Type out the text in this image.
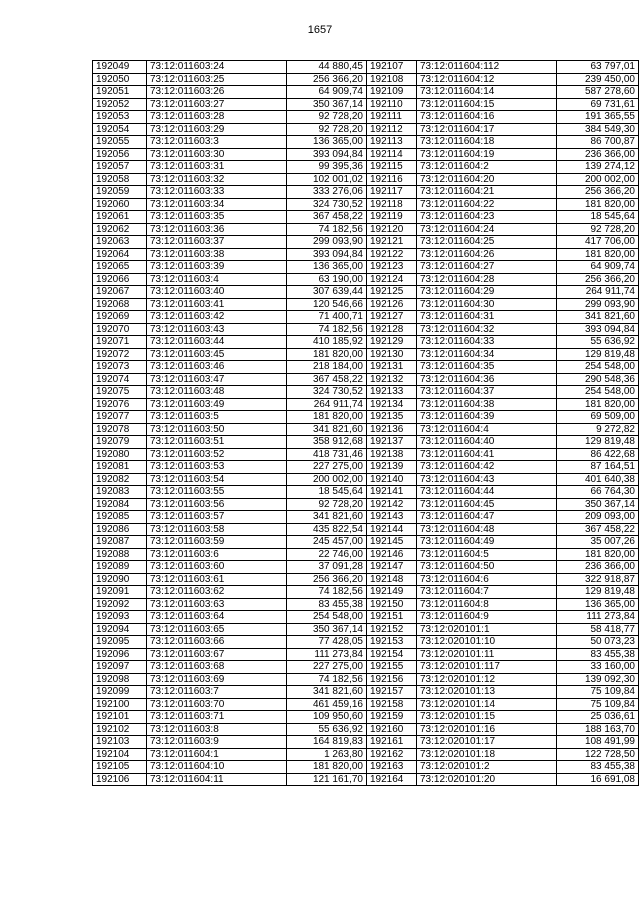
1657
192049	73:12:011603:24	44 880,45
192050	73:12:011603:25	256 366,20
192051	73:12:011603:26	64 909,74
192052	73:12:011603:27	350 367,14
192053	73:12:011603:28	92 728,20
192054	73:12:011603:29	92 728,20
192055	73:12:011603:3	136 365,00
192056	73:12:011603:30	393 094,84
192057	73:12:011603:31	99 395,36
192058	73:12:011603:32	102 001,02
192059	73:12:011603:33	333 276,06
192060	73:12:011603:34	324 730,52
192061	73:12:011603:35	367 458,22
192062	73:12:011603:36	74 182,56
192063	73:12:011603:37	299 093,90
192064	73:12:011603:38	393 094,84
192065	73:12:011603:39	136 365,00
192066	73:12:011603:4	63 190,00
192067	73:12:011603:40	307 639,44
192068	73:12:011603:41	120 546,66
192069	73:12:011603:42	71 400,71
192070	73:12:011603:43	74 182,56
192071	73:12:011603:44	410 185,92
192072	73:12:011603:45	181 820,00
192073	73:12:011603:46	218 184,00
192074	73:12:011603:47	367 458,22
192075	73:12:011603:48	324 730,52
192076	73:12:011603:49	264 911,74
192077	73:12:011603:5	181 820,00
192078	73:12:011603:50	341 821,60
192079	73:12:011603:51	358 912,68
192080	73:12:011603:52	418 731,46
192081	73:12:011603:53	227 275,00
192082	73:12:011603:54	200 002,00
192083	73:12:011603:55	18 545,64
192084	73:12:011603:56	92 728,20
192085	73:12:011603:57	341 821,60
192086	73:12:011603:58	435 822,54
192087	73:12:011603:59	245 457,00
192088	73:12:011603:6	22 746,00
192089	73:12:011603:60	37 091,28
192090	73:12:011603:61	256 366,20
192091	73:12:011603:62	74 182,56
192092	73:12:011603:63	83 455,38
192093	73:12:011603:64	254 548,00
192094	73:12:011603:65	350 367,14
192095	73:12:011603:66	77 428,05
192096	73:12:011603:67	111 273,84
192097	73:12:011603:68	227 275,00
192098	73:12:011603:69	74 182,56
192099	73:12:011603:7	341 821,60
192100	73:12:011603:70	461 459,16
192101	73:12:011603:71	109 950,60
192102	73:12:011603:8	55 636,92
192103	73:12:011603:9	164 819,83
192104	73:12:011604:1	1 263,80
192105	73:12:011604:10	181 820,00
192106	73:12:011604:11	121 161,70
192107	73:12:011604:112	63 797,01
192108	73:12:011604:12	239 450,00
192109	73:12:011604:14	587 278,60
192110	73:12:011604:15	69 731,61
192111	73:12:011604:16	191 365,55
192112	73:12:011604:17	384 549,30
192113	73:12:011604:18	86 700,87
192114	73:12:011604:19	236 366,00
192115	73:12:011604:2	139 274,12
192116	73:12:011604:20	200 002,00
192117	73:12:011604:21	256 366,20
192118	73:12:011604:22	181 820,00
192119	73:12:011604:23	18 545,64
192120	73:12:011604:24	92 728,20
192121	73:12:011604:25	417 706,00
192122	73:12:011604:26	181 820,00
192123	73:12:011604:27	64 909,74
192124	73:12:011604:28	256 366,20
192125	73:12:011604:29	264 911,74
192126	73:12:011604:30	299 093,90
192127	73:12:011604:31	341 821,60
192128	73:12:011604:32	393 094,84
192129	73:12:011604:33	55 636,92
192130	73:12:011604:34	129 819,48
192131	73:12:011604:35	254 548,00
192132	73:12:011604:36	290 548,36
192133	73:12:011604:37	254 548,00
192134	73:12:011604:38	181 820,00
192135	73:12:011604:39	69 509,00
192136	73:12:011604:4	9 272,82
192137	73:12:011604:40	129 819,48
192138	73:12:011604:41	86 422,68
192139	73:12:011604:42	87 164,51
192140	73:12:011604:43	401 640,38
192141	73:12:011604:44	66 764,30
192142	73:12:011604:45	350 367,14
192143	73:12:011604:47	209 093,00
192144	73:12:011604:48	367 458,22
192145	73:12:011604:49	35 007,26
192146	73:12:011604:5	181 820,00
192147	73:12:011604:50	236 366,00
192148	73:12:011604:6	322 918,87
192149	73:12:011604:7	129 819,48
192150	73:12:011604:8	136 365,00
192151	73:12:011604:9	111 273,84
192152	73:12:020101:1	58 418,77
192153	73:12:020101:10	50 073,23
192154	73:12:020101:11	83 455,38
192155	73:12:020101:117	33 160,00
192156	73:12:020101:12	139 092,30
192157	73:12:020101:13	75 109,84
192158	73:12:020101:14	75 109,84
192159	73:12:020101:15	25 036,61
192160	73:12:020101:16	188 163,70
192161	73:12:020101:17	108 491,99
192162	73:12:020101:18	122 728,50
192163	73:12:020101:2	83 455,38
192164	73:12:020101:20	16 691,08
